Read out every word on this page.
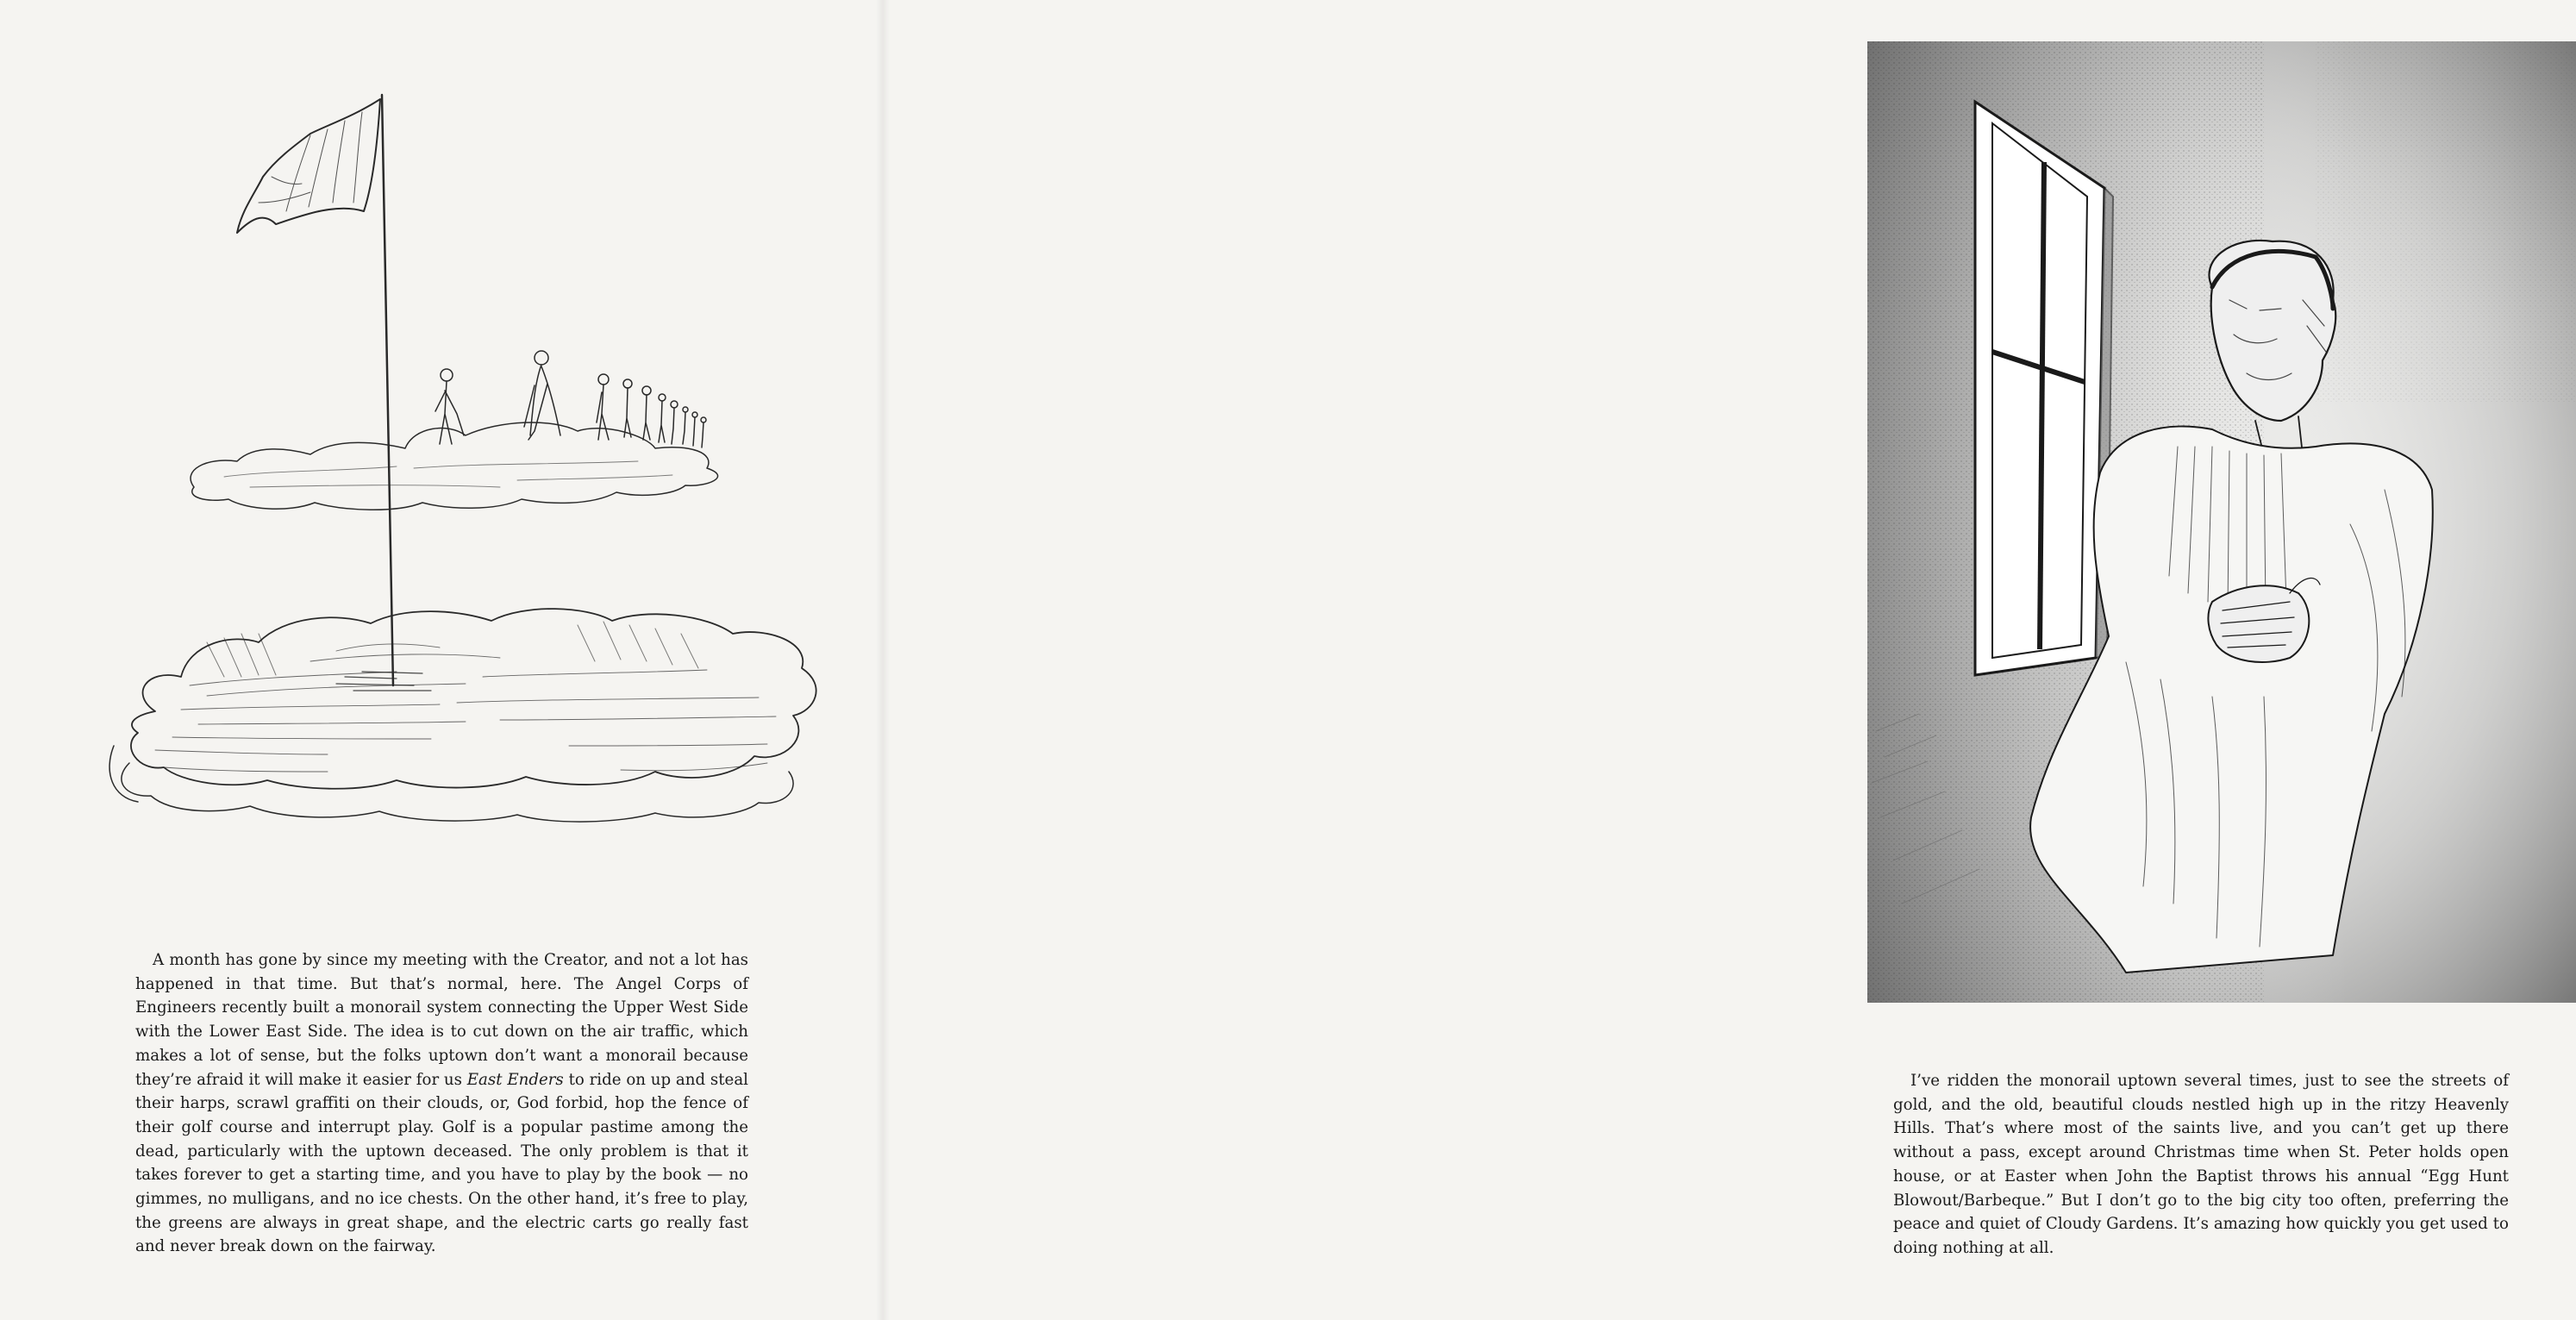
A month has gone by since my meeting with the Creator, and not a lot has happened in that time. But that’s normal, here. The Angel Corps of Engineers recently built a monorail system connecting the Upper West Side with the Lower East Side. The idea is to cut down on the air traffic, which makes a lot of sense, but the folks uptown don’t want a monorail because they’re afraid it will make it easier for us East Enders to ride on up and steal their harps, scrawl graffiti on their clouds, or, God forbid, hop the fence of their golf course and interrupt play. Golf is a popular pastime among the dead, particularly with the uptown deceased. The only problem is that it takes forever to get a starting time, and you have to play by the book — no gimmes, no mulligans, and no ice chests. On the other hand, it’s free to play, the greens are always in great shape, and the electric carts go really fast and never break down on the fairway.

I’ve ridden the monorail uptown several times, just to see the streets of gold, and the old, beautiful clouds nestled high up in the ritzy Heavenly Hills. That’s where most of the saints live, and you can’t get up there without a pass, except around Christmas time when St. Peter holds open house, or at Easter when John the Baptist throws his annual “Egg Hunt Blowout/Barbeque.” But I don’t go to the big city too often, preferring the peace and quiet of Cloudy Gardens. It’s amazing how quickly you get used to doing nothing at all.
